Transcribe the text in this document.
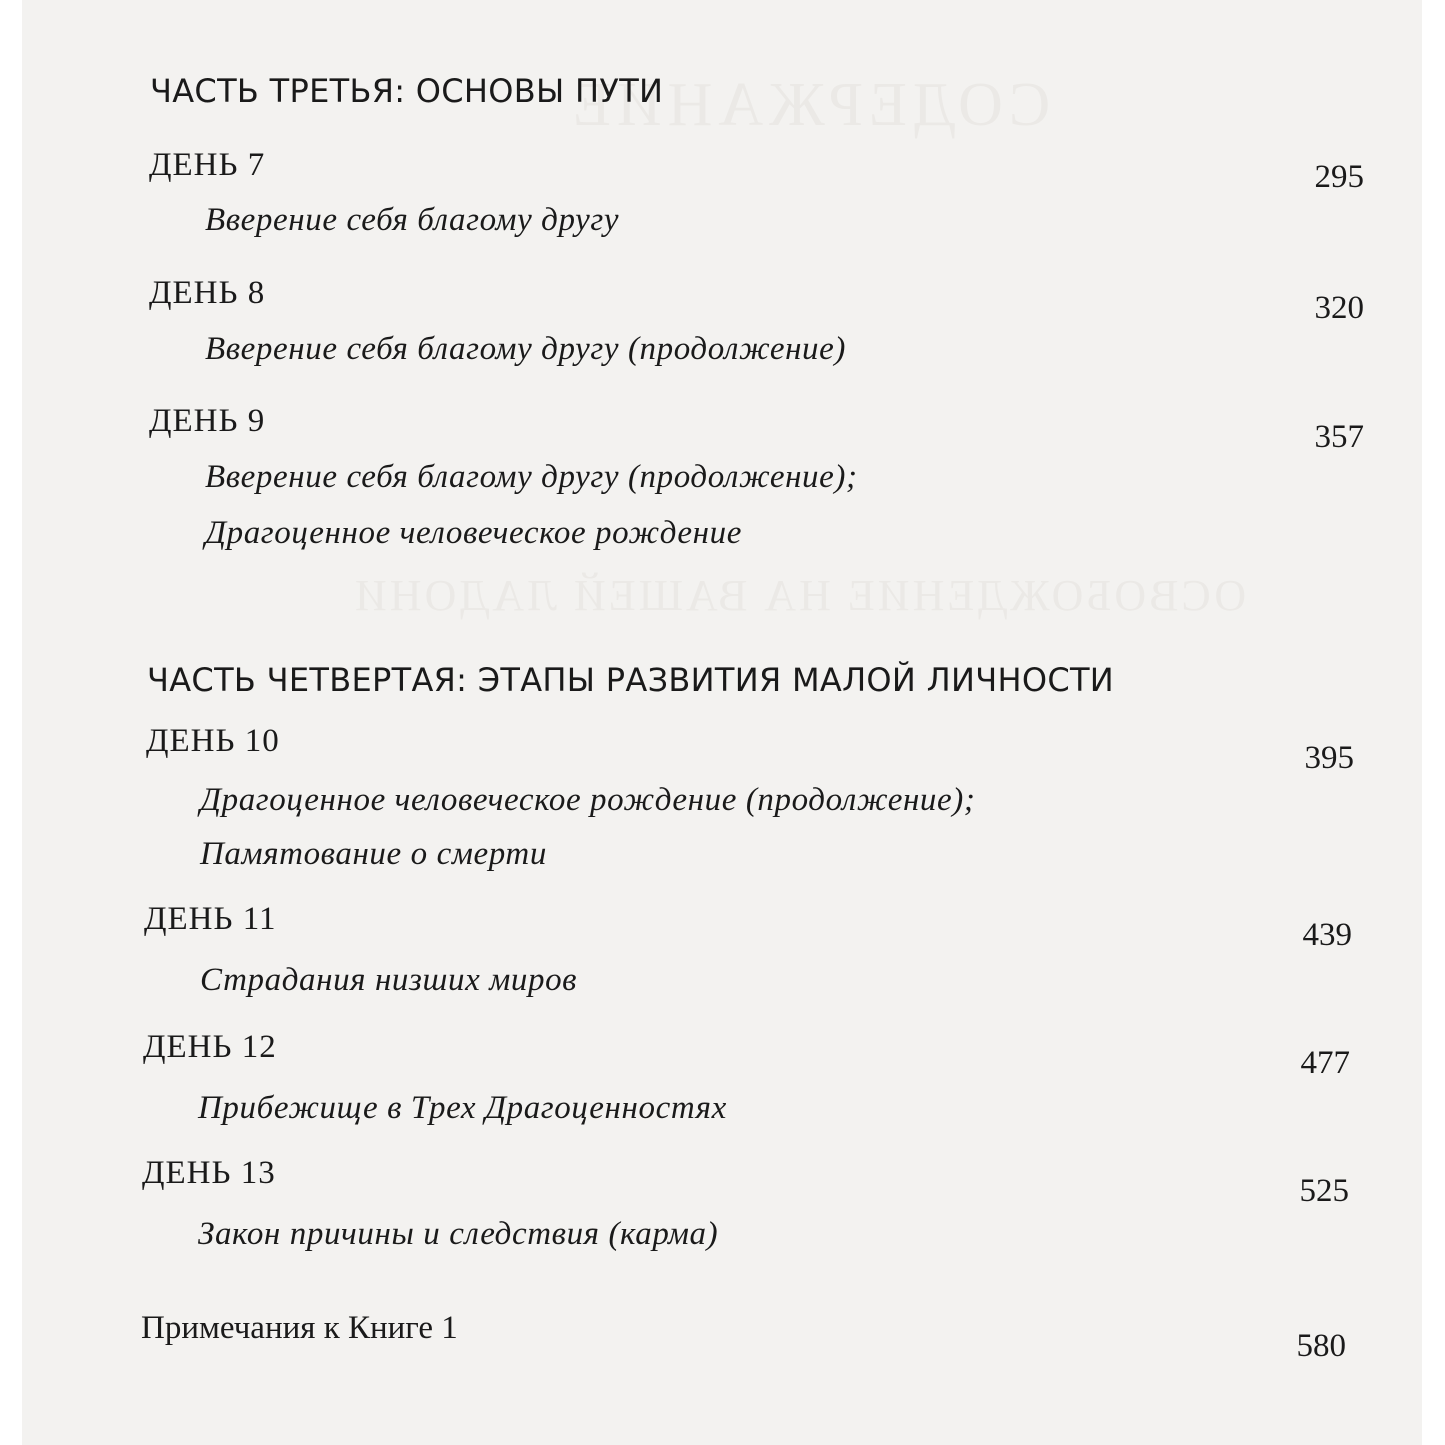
СОДЕРЖАНИЕ
ОСВОБОЖДЕНИЕ НА ВАШЕЙ ЛАДОНИ
ЧАСТЬ ТРЕТЬЯ: ОСНОВЫ ПУТИ
ДЕНЬ 7	295
Вверение себя благому другу
ДЕНЬ 8	320
Вверение себя благому другу (продолжение)
ДЕНЬ 9	357
Вверение себя благому другу (продолжение);
Драгоценное человеческое рождение
ЧАСТЬ ЧЕТВЕРТАЯ: ЭТАПЫ РАЗВИТИЯ МАЛОЙ ЛИЧНОСТИ
ДЕНЬ 10	395
Драгоценное человеческое рождение (продолжение);
Памятование о смерти
ДЕНЬ 11	439
Страдания низших миров
ДЕНЬ 12	477
Прибежище в Трех Драгоценностях
ДЕНЬ 13	525
Закон причины и следствия (карма)
Примечания к Книге 1	580
